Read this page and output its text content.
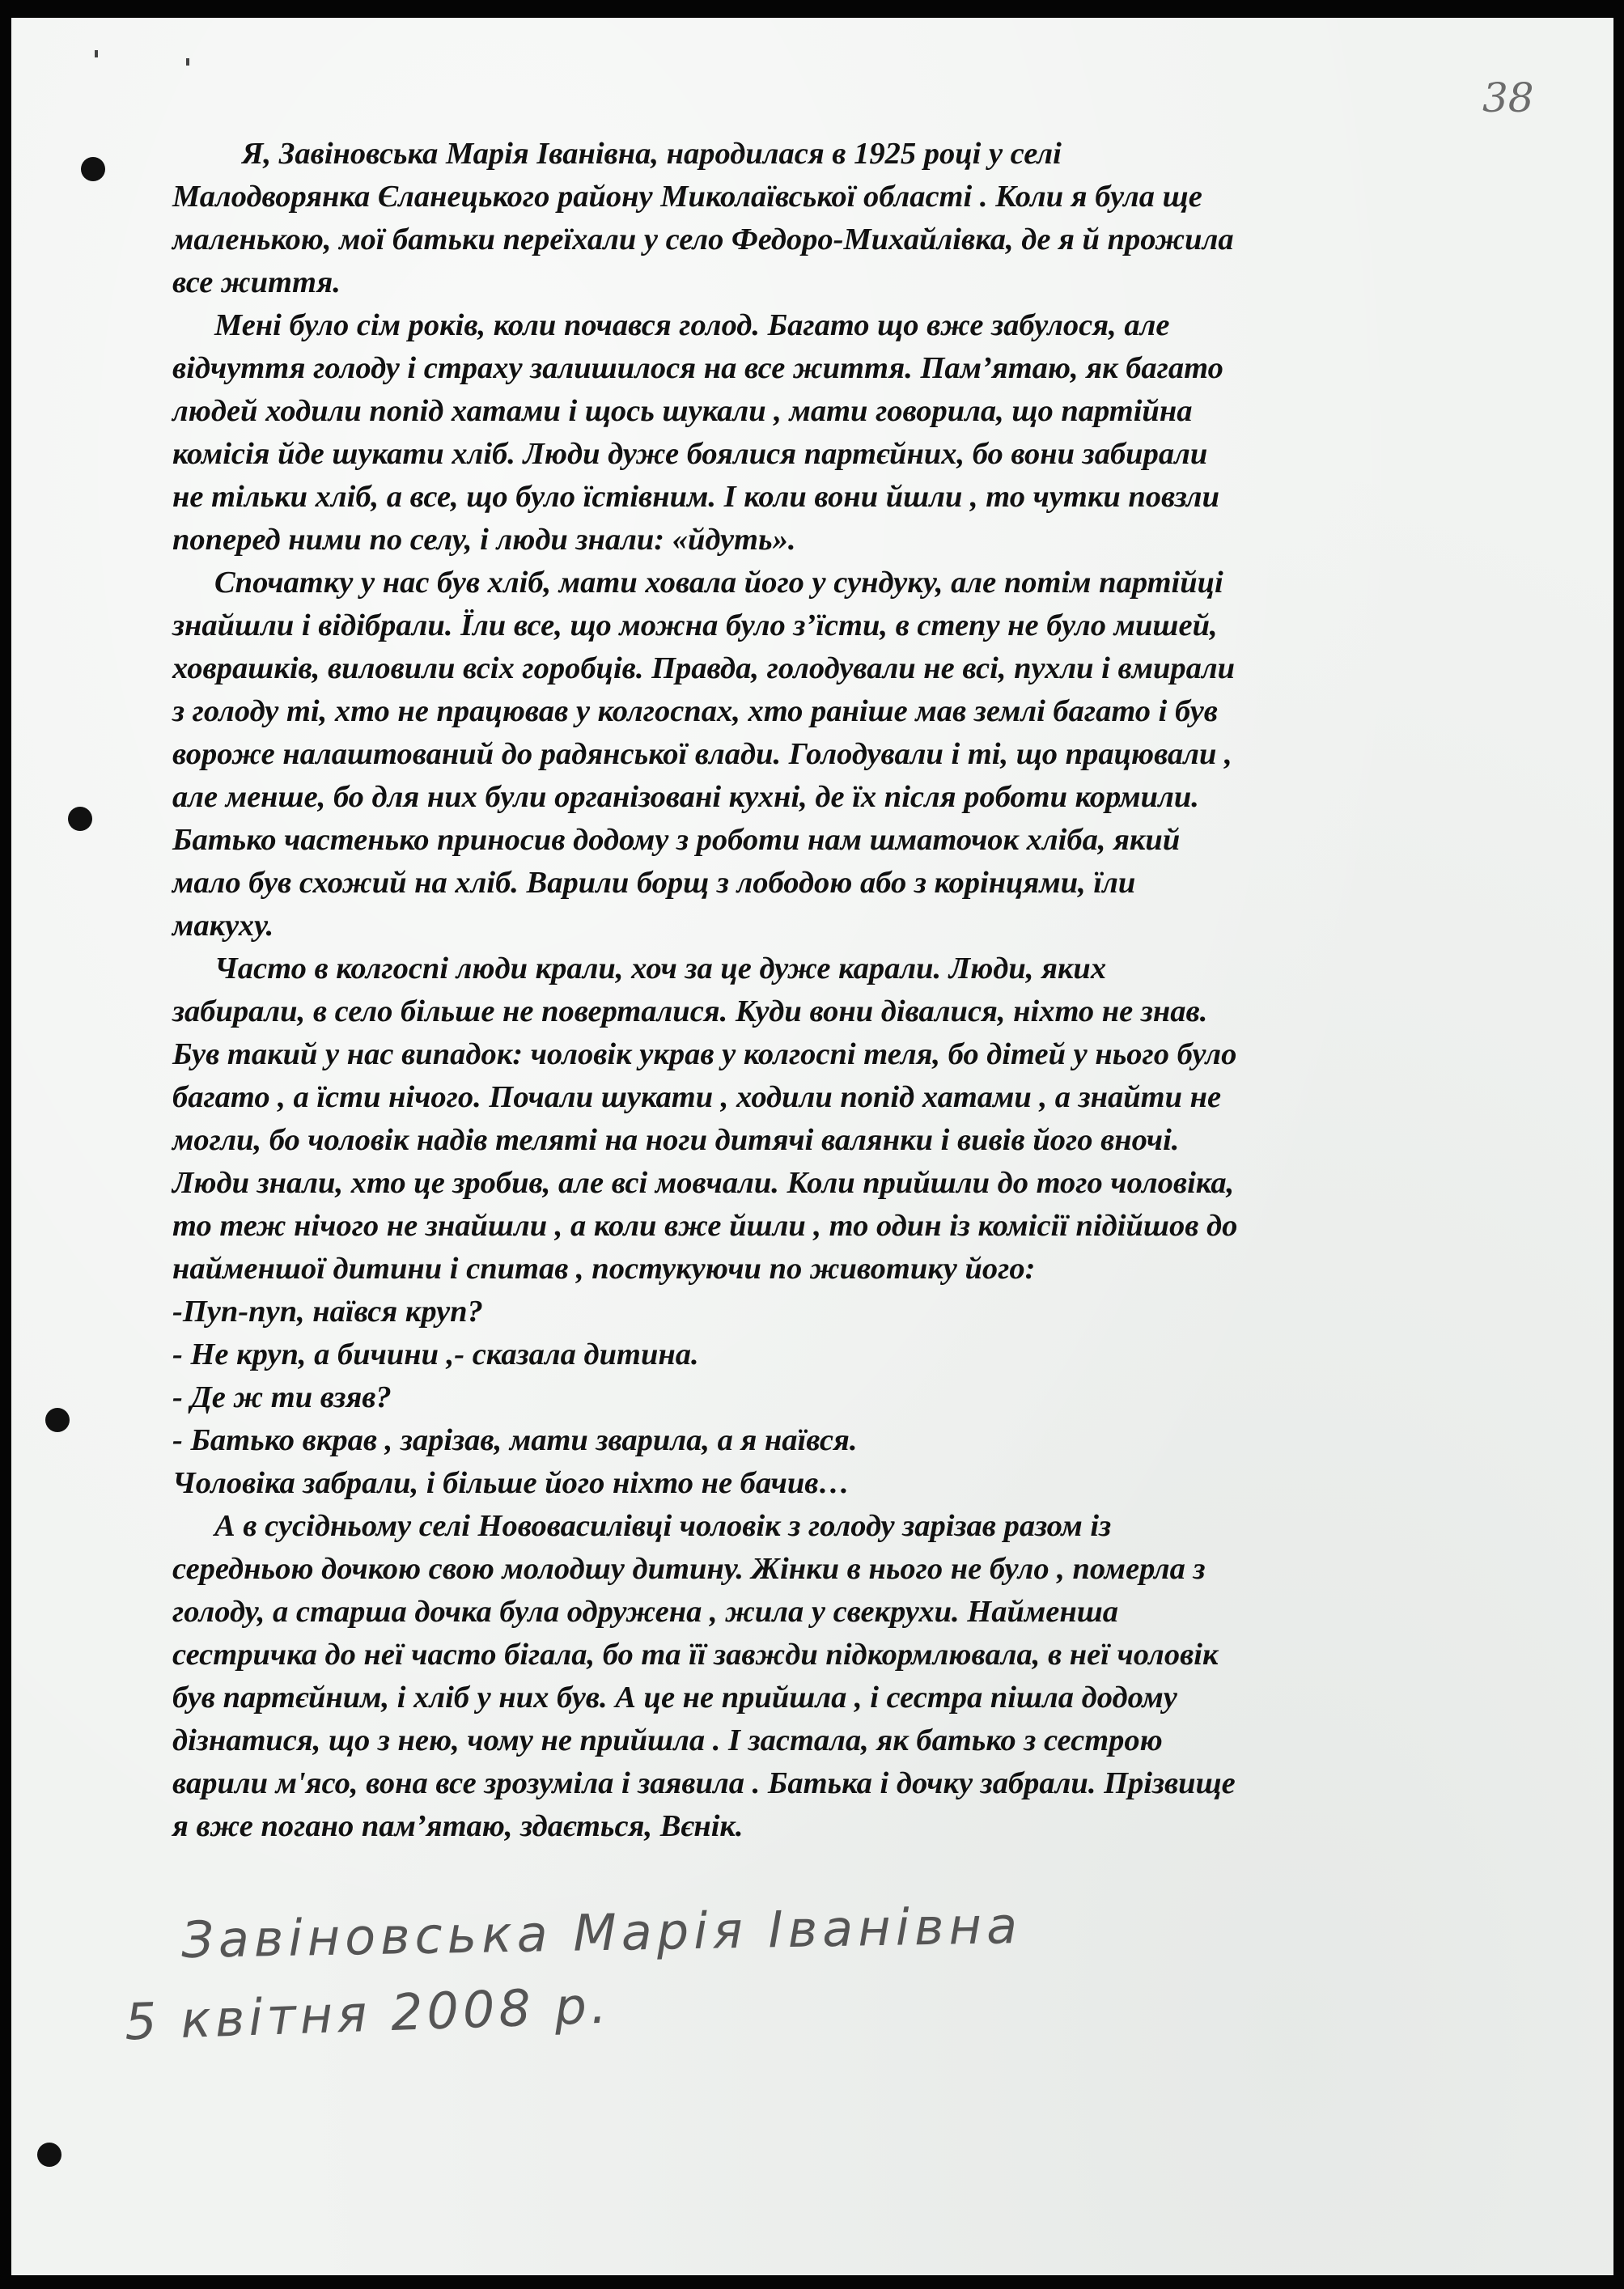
38

Я, Завіновська Марія Іванівна, народилася в 1925 році у селі
Малодворянка Єланецького району Миколаївської області . Коли я була ще
маленькою, мої батьки переїхали у село Федоро-Михайлівка, де я й прожила
все життя.
Мені було сім років, коли почався голод. Багато що вже забулося, але
відчуття голоду і страху залишилося на все життя. Пам’ятаю, як багато
людей ходили попід хатами і щось шукали , мати говорила, що партійна
комісія йде шукати хліб. Люди дуже боялися партєйних, бо вони забирали
не тільки хліб, а все, що було їстівним. І коли вони йшли , то чутки повзли
поперед ними по селу, і люди знали: «йдуть».
Спочатку у нас був хліб, мати ховала його у сундуку, але потім партійці
знайшли і відібрали. Їли все, що можна було з’їсти, в степу не було мишей,
ховрашків, виловили всіх горобців. Правда, голодували не всі, пухли і вмирали
з голоду ті, хто не працював у колгоспах, хто раніше мав землі багато і був
вороже налаштований до радянської влади. Голодували і ті, що працювали ,
але менше, бо для них були організовані кухні, де їх після роботи кормили.
Батько частенько приносив додому з роботи нам шматочок хліба, який
мало був схожий на хліб. Варили борщ з лободою або з корінцями, їли
макуху.
Часто в колгоспі люди крали, хоч за це дуже карали. Люди, яких
забирали, в село більше не поверталися. Куди вони дівалися, ніхто не знав.
Був такий у нас випадок: чоловік украв у колгоспі теля, бо дітей у нього було
багато , а їсти нічого. Почали шукати , ходили попід хатами , а знайти не
могли, бо чоловік надів теляті на ноги дитячі валянки і вивів його вночі.
Люди знали, хто це зробив, але всі мовчали. Коли прийшли до того чоловіка,
то теж нічого не знайшли , а коли вже йшли , то один із комісії підійшов до
найменшої дитини і спитав , постукуючи по животику його:
-Пуп-пуп, наївся круп?
- Не круп, а бичини ,- сказала дитина.
- Де ж ти взяв?
- Батько вкрав , зарізав, мати зварила, а я наївся.
Чоловіка забрали, і більше його ніхто не бачив…
А в сусідньому селі Нововасилівці чоловік з голоду зарізав разом із
середньою дочкою свою молодшу дитину. Жінки в нього не було , померла з
голоду, а старша дочка була одружена , жила у свекрухи. Найменша
сестричка до неї часто бігала, бо та її завжди підкормлювала, в неї чоловік
був партєйним, і хліб у них був. А це не прийшла , і сестра пішла додому
дізнатися, що з нею, чому не прийшла . І застала, як батько з сестрою
варили м'ясо, вона все зрозуміла і заявила . Батька і дочку забрали. Прізвище
я вже погано пам’ятаю, здається, Вєнік.

Завіновська Марія Іванівна

5 квітня 2008 р.
